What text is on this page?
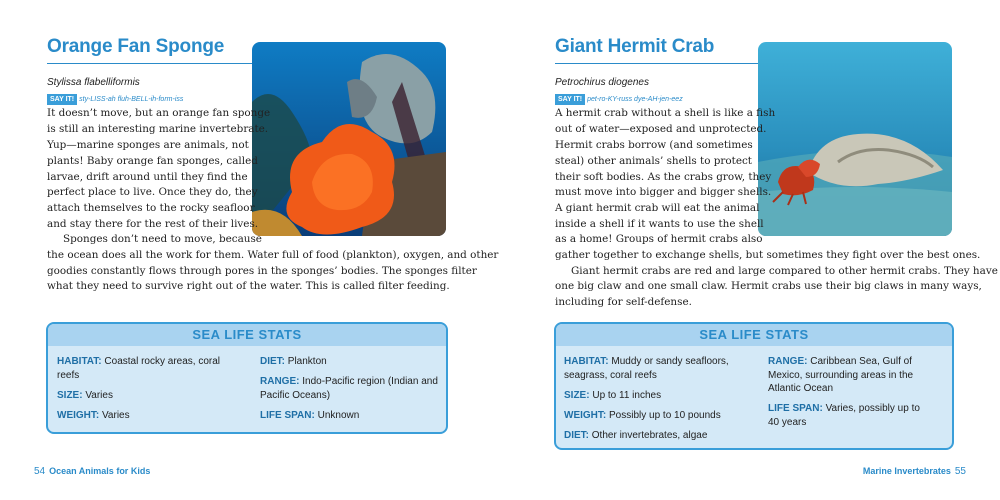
Orange Fan Sponge
Stylissa flabelliformis
SAY IT! sty-LISS-ah fluh-BELL-ih-form-iss
It doesn’t move, but an orange fan sponge
is still an interesting marine invertebrate.
Yup—marine sponges are animals, not
plants! Baby orange fan sponges, called
larvae, drift around until they find the
perfect place to live. Once they do, they
attach themselves to the rocky seafloor
and stay there for the rest of their lives.
Sponges don’t need to move, because
the ocean does all the work for them. Water full of food (plankton), oxygen, and other
goodies constantly flows through pores in the sponges’ bodies. The sponges filter
what they need to survive right out of the water. This is called filter feeding.
SEA LIFE STATS
HABITAT: Coastal rocky areas, coral reefs
SIZE: Varies
WEIGHT: Varies
DIET: Plankton
RANGE: Indo-Pacific region (Indian and Pacific Oceans)
LIFE SPAN: Unknown
54 Ocean Animals for Kids
Giant Hermit Crab
Petrochirus diogenes
SAY IT! pet-ro-KY-russ dye-AH-jen-eez
A hermit crab without a shell is like a fish
out of water—exposed and unprotected.
Hermit crabs borrow (and sometimes
steal) other animals’ shells to protect
their soft bodies. As the crabs grow, they
must move into bigger and bigger shells.
A giant hermit crab will eat the animal
inside a shell if it wants to use the shell
as a home! Groups of hermit crabs also
gather together to exchange shells, but sometimes they fight over the best ones.
Giant hermit crabs are red and large compared to other hermit crabs. They have
one big claw and one small claw. Hermit crabs use their big claws in many ways,
including for self-defense.
SEA LIFE STATS
HABITAT: Muddy or sandy seafloors, seagrass, coral reefs
SIZE: Up to 11 inches
WEIGHT: Possibly up to 10 pounds
DIET: Other invertebrates, algae
RANGE: Caribbean Sea, Gulf of Mexico, surrounding areas in the Atlantic Ocean
LIFE SPAN: Varies, possibly up to 40 years
Marine Invertebrates 55
